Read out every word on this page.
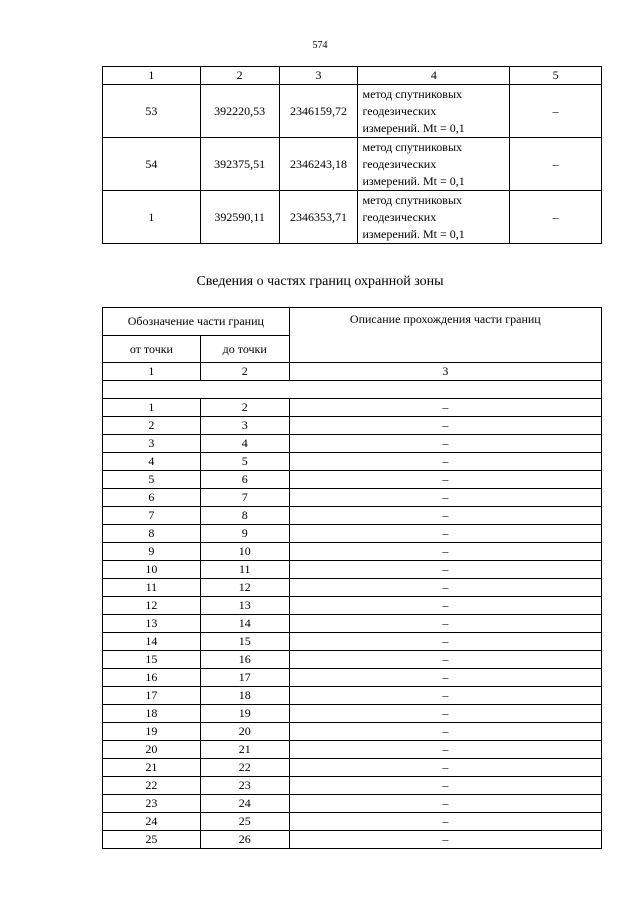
574
1	2	3	4	5
53	392220,53	2346159,72	метод спутниковых
геодезических
измерений. Mt = 0,1	–
54	392375,51	2346243,18	метод спутниковых
геодезических
измерений. Mt = 0,1	–
1	392590,11	2346353,71	метод спутниковых
геодезических
измерений. Mt = 0,1	–
Сведения о частях границ охранной зоны
Обозначение части границ		Описание прохождения части границ
от точки	до точки	
1	2	3

1	2	–
2	3	–
3	4	–
4	5	–
5	6	–
6	7	–
7	8	–
8	9	–
9	10	–
10	11	–
11	12	–
12	13	–
13	14	–
14	15	–
15	16	–
16	17	–
17	18	–
18	19	–
19	20	–
20	21	–
21	22	–
22	23	–
23	24	–
24	25	–
25	26	–
